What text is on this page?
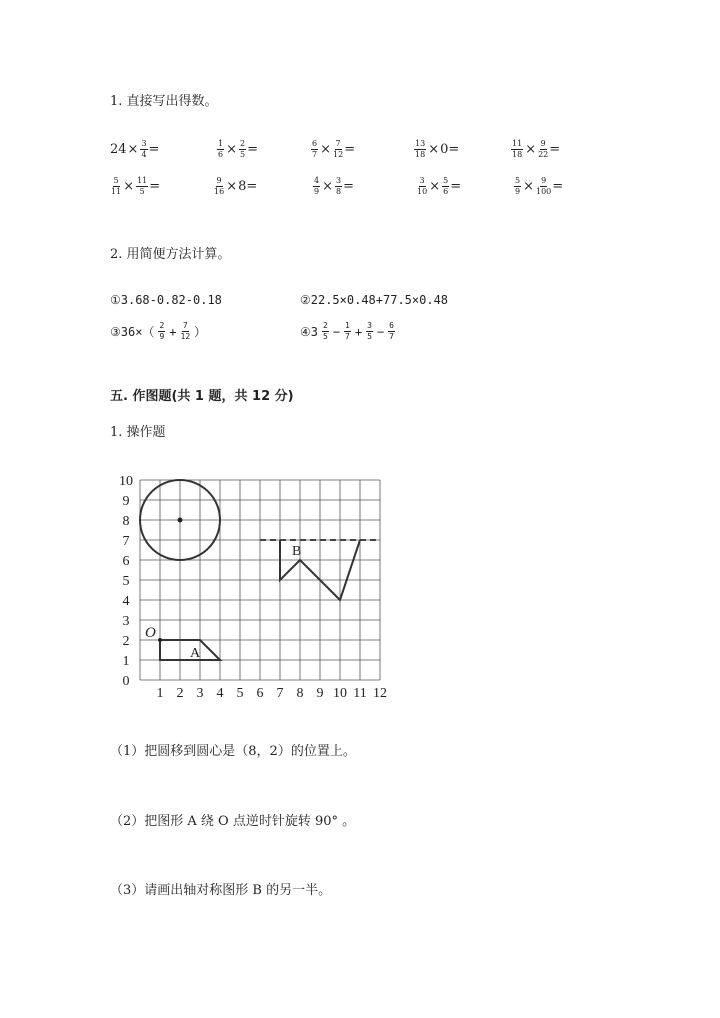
1. 直接写出得数。
$24 \times \frac{3}{4}$ =	$\frac{1}{6} \times \frac{2}{5}$ =	$\frac{6}{7} \times \frac{7}{12}$ =	$\frac{13}{18} \times 0$ =	$\frac{11}{18} \times \frac{9}{22}$ =
$\frac{5}{11} \times \frac{11}{5}$ =	$\frac{9}{16} \times 8$ =	$\frac{4}{9} \times \frac{3}{8}$ =	$\frac{3}{10} \times \frac{5}{6}$ =	$\frac{5}{9} \times \frac{9}{100}$ =
2. 用简便方法计算。
①3.68-0.82-0.18	②22.5×0.48+77.5×0.48
③36×（ $\frac{2}{9} + \frac{7}{12}$ ）	④3 $\frac{2}{5} - \frac{1}{7} + \frac{3}{5} - \frac{6}{7}$
五. 作图题(共 1 题，共 12 分)
1. 操作题
1 2 3 4 5 6 7 8 9 10 11 12
0
1
2
3
4
5
6
7
8
9
10
O
A
B
（1）把圆移到圆心是（8，2）的位置上。
（2）把图形 A 绕 O 点逆时针旋转 90° 。
（3）请画出轴对称图形 B 的另一半。
